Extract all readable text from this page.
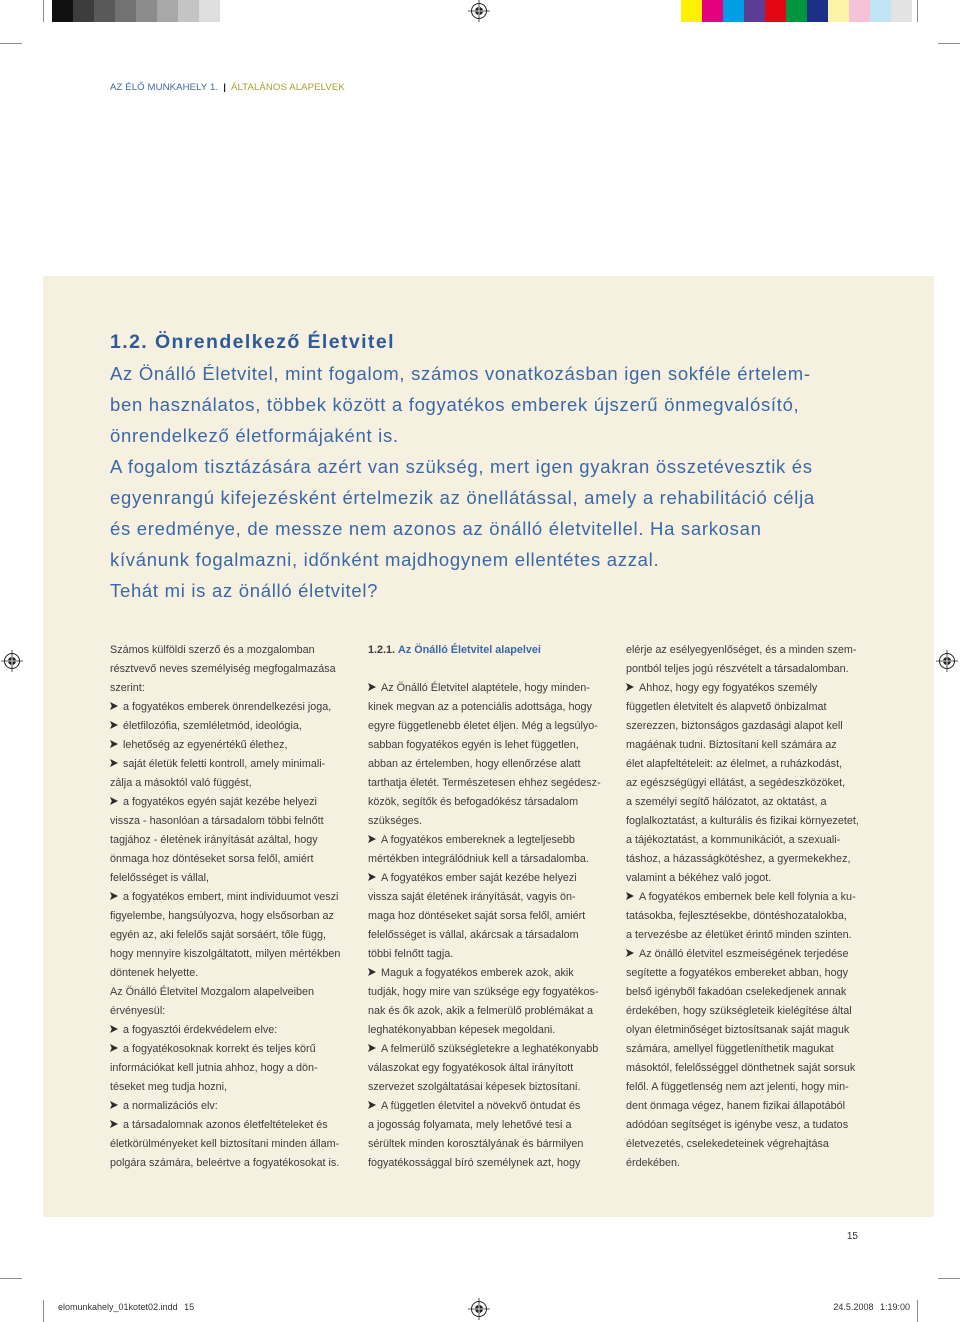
AZ ÉLŐ MUNKAHELY 1. | ÁLTALÁNOS ALAPELVEK
1.2. Önrendelkező Életvitel
Az Önálló Életvitel, mint fogalom, számos vonatkozásban igen sokféle értelem-
ben használatos, többek között a fogyatékos emberek újszerű önmegvalósító,
önrendelkező életformájaként is.
A fogalom tisztázására azért van szükség, mert igen gyakran összetévesztik és
egyenrangú kifejezésként értelmezik az önellátással, amely a rehabilitáció célja
és eredménye, de messze nem azonos az önálló életvitellel. Ha sarkosan
kívánunk fogalmazni, időnként majdhogynem ellentétes azzal.
Tehát mi is az önálló életvitel?
Számos külföldi szerző és a mozgalomban
résztvevő neves személyiség megfogalmazása
szerint:
a fogyatékos emberek önrendelkezési joga,
életfilozófia, szemléletmód, ideológia,
lehetőség az egyenértékű élethez,
saját életük feletti kontroll, amely minimali-
zálja a másoktól való függést,
a fogyatékos egyén saját kezébe helyezi
vissza - hasonlóan a társadalom többi felnőtt
tagjához - életének irányítását azáltal, hogy
önmaga hoz döntéseket sorsa felől, amiért
felelősséget is vállal,
a fogyatékos embert, mint individuumot veszi
figyelembe, hangsúlyozva, hogy elsősorban az
egyén az, aki felelős saját sorsáért, tőle függ,
hogy mennyire kiszolgáltatott, milyen mértékben
döntenek helyette.
Az Önálló Életvitel Mozgalom alapelveiben
érvényesül:
a fogyasztói érdekvédelem elve:
a fogyatékosoknak korrekt és teljes körű
információkat kell jutnia ahhoz, hogy a dön-
téseket meg tudja hozni,
a normalizációs elv:
a társadalomnak azonos életfeltételeket és
életkörülményeket kell biztosítani minden állam-
polgára számára, beleértve a fogyatékosokat is.
1.2.1. Az Önálló Életvitel alapelvei
Az Önálló Életvitel alaptétele, hogy minden-
kinek megvan az a potenciális adottsága, hogy
egyre függetlenebb életet éljen. Még a legsúlyo-
sabban fogyatékos egyén is lehet független,
abban az értelemben, hogy ellenőrzése alatt
tarthatja életét. Természetesen ehhez segédesz-
közök, segítők és befogadókész társadalom
szükséges.
A fogyatékos embereknek a legteljesebb
mértékben integrálódniuk kell a társadalomba.
A fogyatékos ember saját kezébe helyezi
vissza saját életének irányítását, vagyis ön-
maga hoz döntéseket saját sorsa felől, amiért
felelősséget is vállal, akárcsak a társadalom
többi felnőtt tagja.
Maguk a fogyatékos emberek azok, akik
tudják, hogy mire van szüksége egy fogyatékos-
nak és ők azok, akik a felmerülő problémákat a
leghatékonyabban képesek megoldani.
A felmerülő szükségletekre a leghatékonyabb
válaszokat egy fogyatékosok által irányított
szervezet szolgáltatásai képesek biztosítani.
A független életvitel a növekvő öntudat és
a jogosság folyamata, mely lehetővé tesi a
sérültek minden korosztályának és bármilyen
fogyatékossággal bíró személynek azt, hogy
elérje az esélyegyenlőséget, és a minden szem-
pontból teljes jogú részvételt a társadalomban.
Ahhoz, hogy egy fogyatékos személy
független életvitelt és alapvető önbizalmat
szerezzen, biztonságos gazdasági alapot kell
magáénak tudni. Biztosítani kell számára az
élet alapfeltételeit: az élelmet, a ruházkodást,
az egészségügyi ellátást, a segédeszközöket,
a személyi segítő hálózatot, az oktatást, a
foglalkoztatást, a kulturális és fizikai környezetet,
a tájékoztatást, a kommunikációt, a szexuali-
táshoz, a házasságkötéshez, a gyermekekhez,
valamint a békéhez való jogot.
A fogyatékos embernek bele kell folynia a ku-
tatásokba, fejlesztésekbe, döntéshozatalokba,
a tervezésbe az életüket érintő minden szinten.
Az önálló életvitel eszmeiségének terjedése
segítette a fogyatékos embereket abban, hogy
belső igényből fakadóan cselekedjenek annak
érdekében, hogy szükségleteik kielégítése által
olyan életminőséget biztosítsanak saját maguk
számára, amellyel függetleníthetik magukat
másoktól, felelősséggel dönthetnek saját sorsuk
felől. A függetlenség nem azt jelenti, hogy min-
dent önmaga végez, hanem fizikai állapotából
adódóan segítséget is igénybe vesz, a tudatos
életvezetés, cselekedeteinek végrehajtása
érdekében.
15
elomunkahely_01kotet02.indd 15	24.5.2008 1:19:00
